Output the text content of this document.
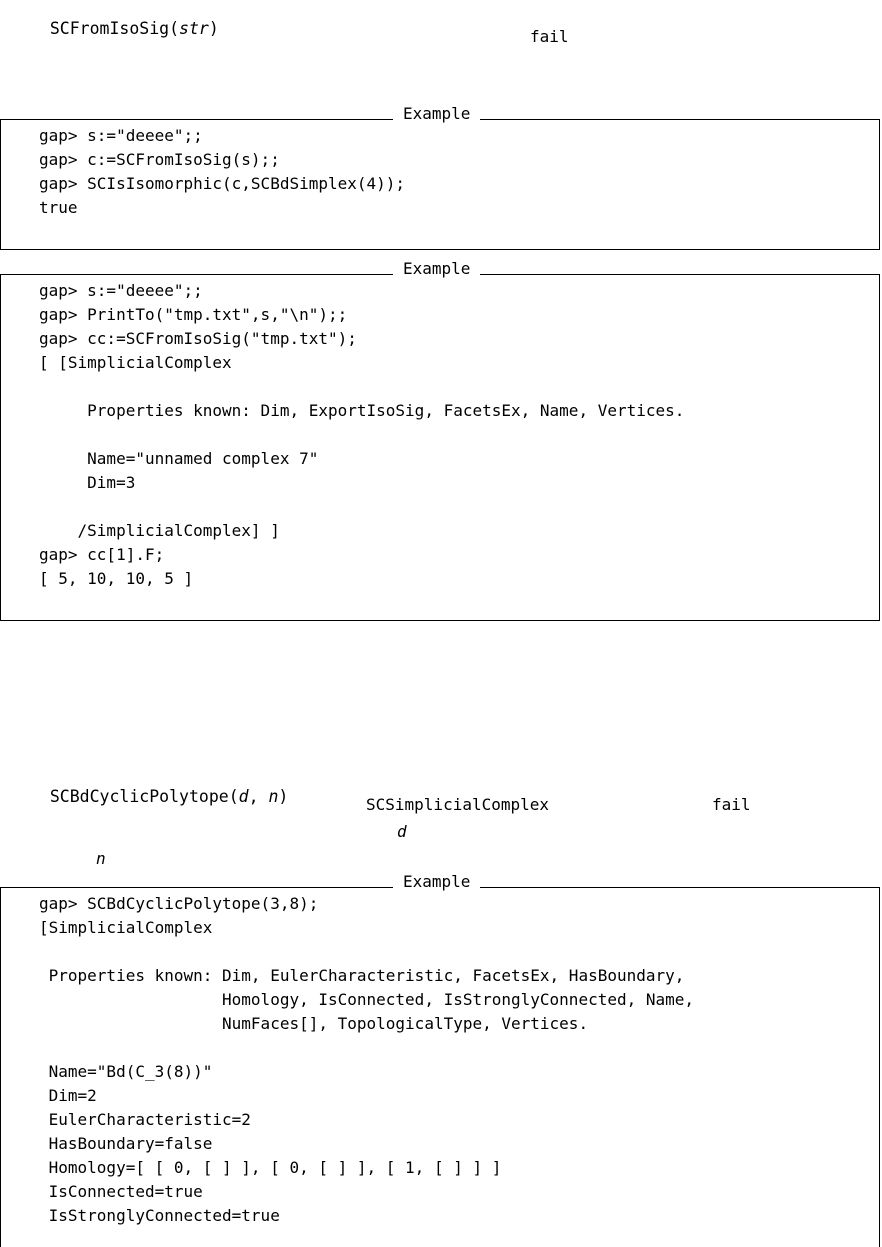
SCFromIsoSig(str)	fail
gap> s:="deeee";;
gap> c:=SCFromIsoSig(s);;
gap> SCIsIsomorphic(c,SCBdSimplex(4));
true
Example
gap> s:="deeee";;
gap> PrintTo("tmp.txt",s,"\n");;
gap> cc:=SCFromIsoSig("tmp.txt");
[ [SimplicialComplex

Properties known: Dim, ExportIsoSig, FacetsEx, Name, Vertices.

Name="unnamed complex 7"
Dim=3

/SimplicialComplex] ]
gap> cc[1].F;
[ 5, 10, 10, 5 ]
Example

SCBdCyclicPolytope(d, n)	SCSimplicialComplex	fail
d
n
gap> SCBdCyclicPolytope(3,8);
[SimplicialComplex

Properties known: Dim, EulerCharacteristic, FacetsEx, HasBoundary,
Homology, IsConnected, IsStronglyConnected, Name,
NumFaces[], TopologicalType, Vertices.

Name="Bd(C_3(8))"
Dim=2
EulerCharacteristic=2
HasBoundary=false
Homology=[ [ 0, [ ] ], [ 0, [ ] ], [ 1, [ ] ] ]
IsConnected=true
IsStronglyConnected=true
Example
